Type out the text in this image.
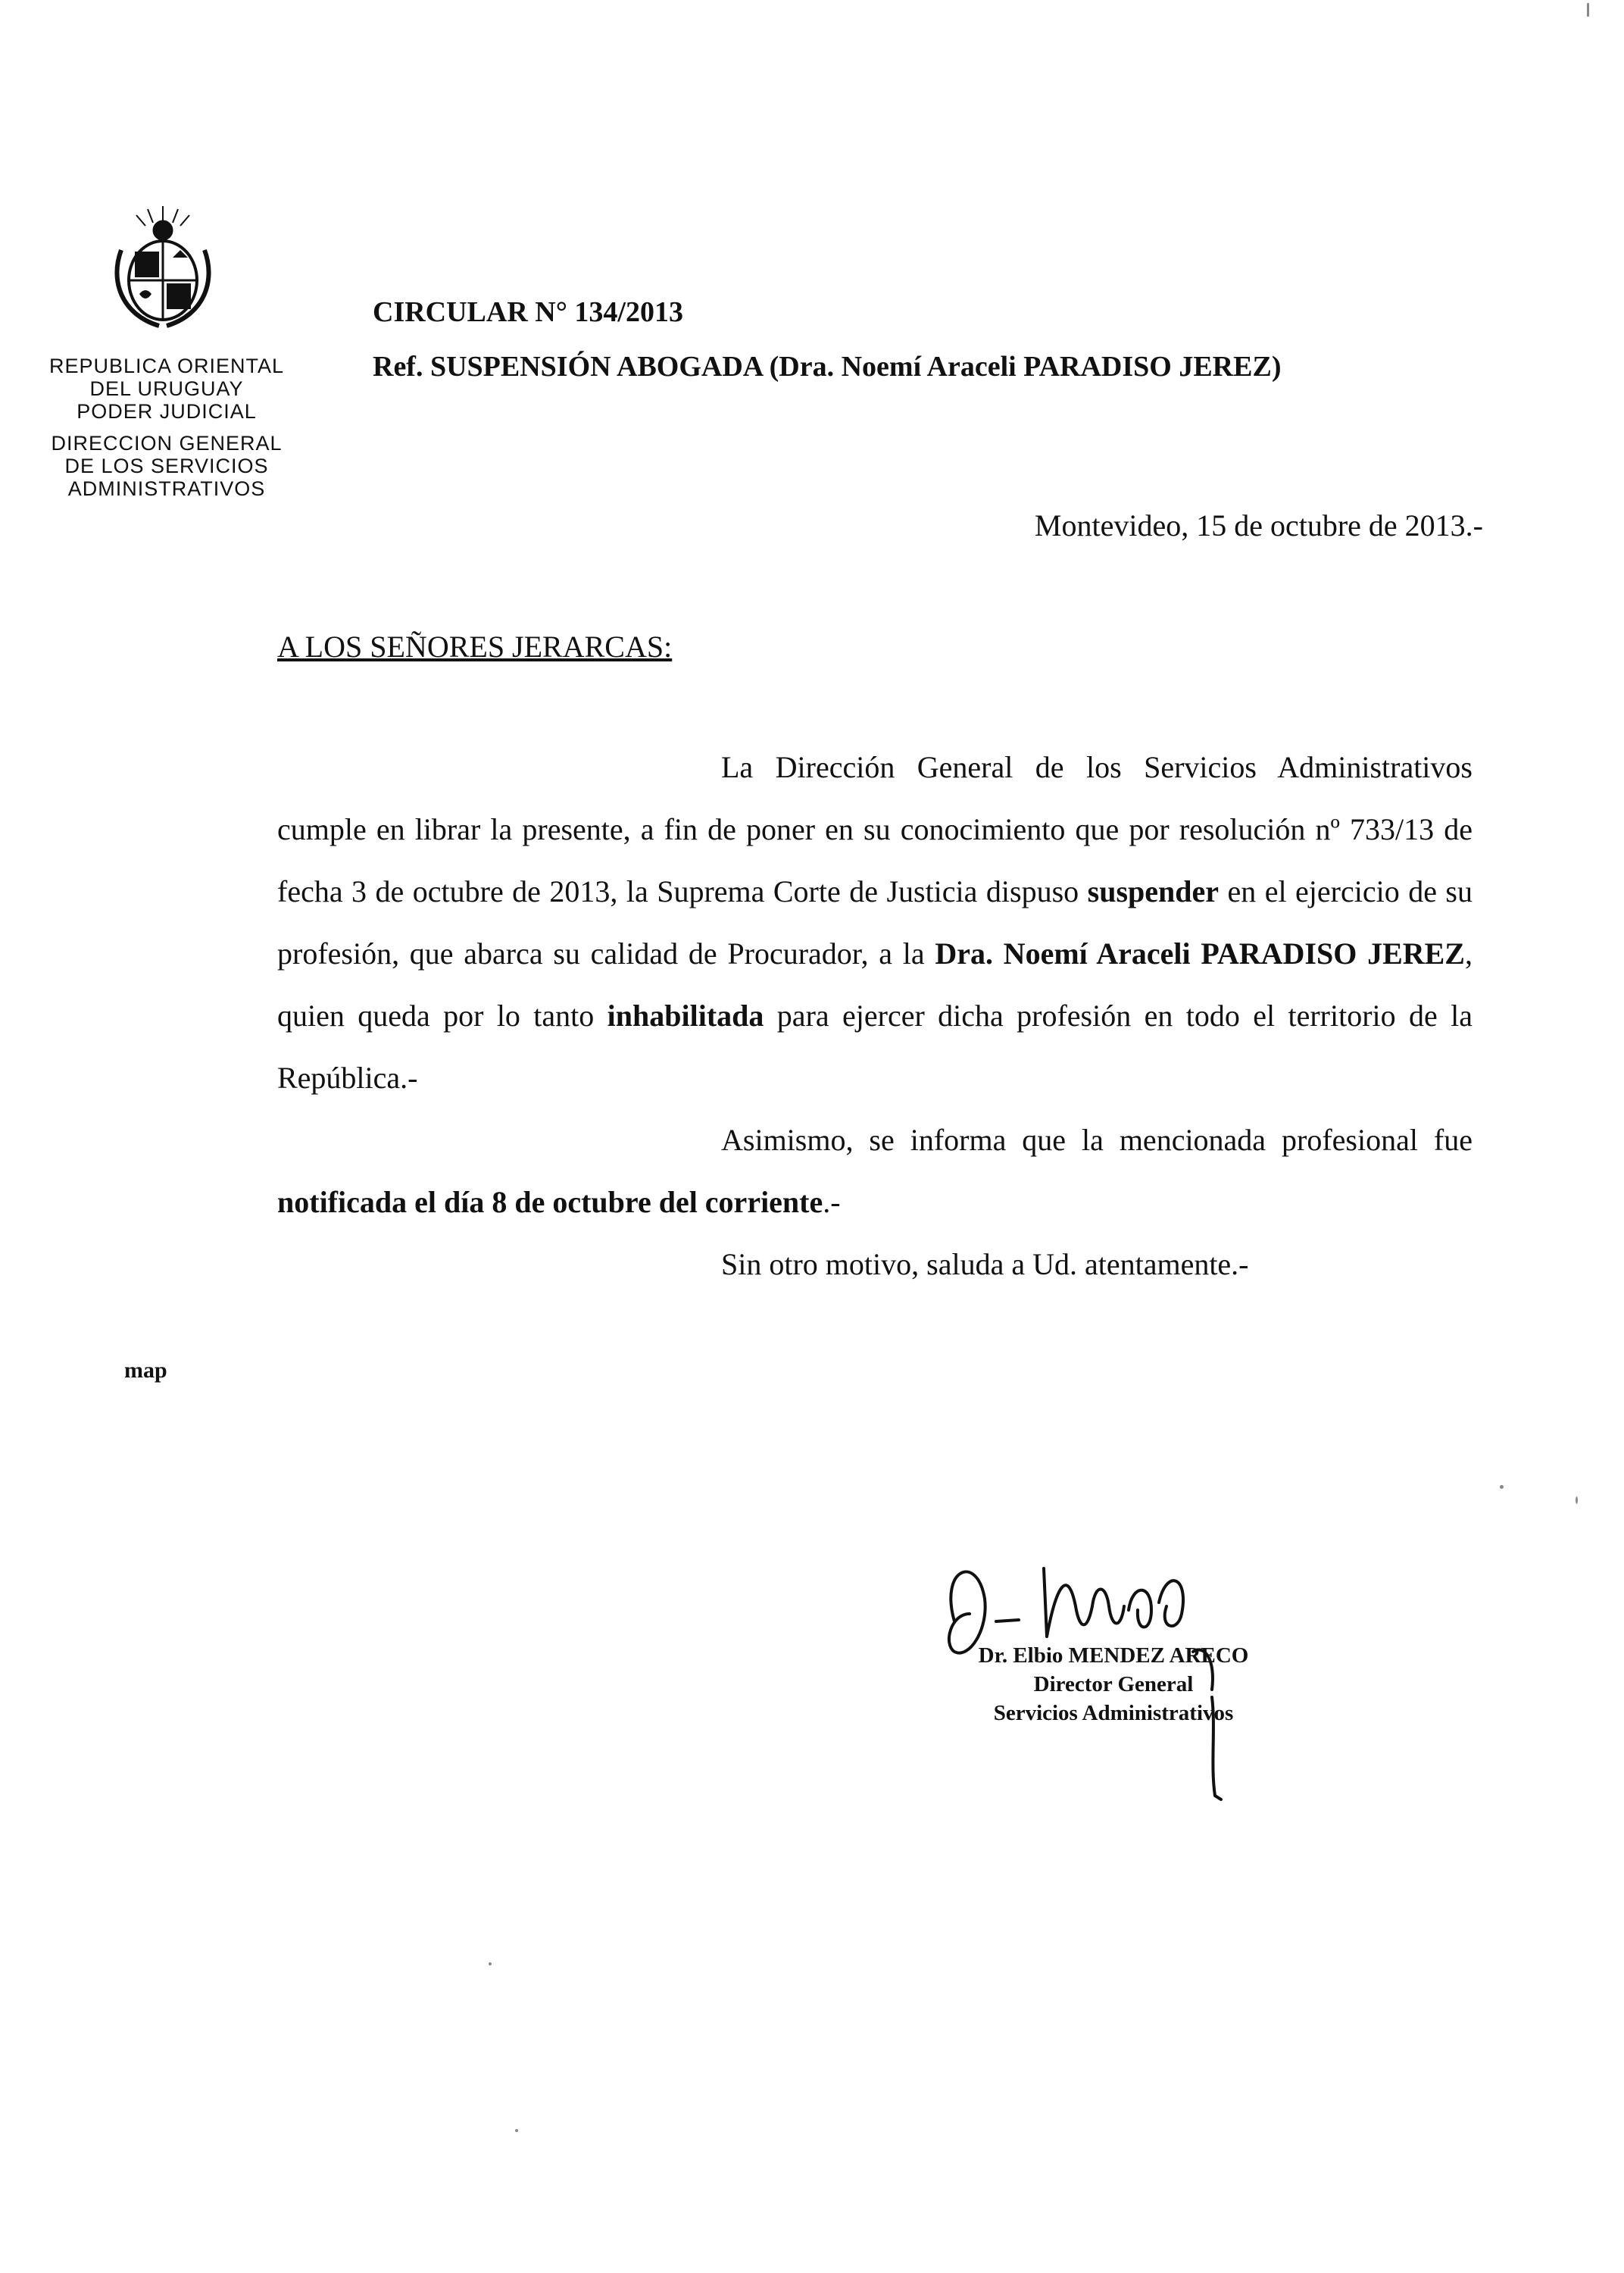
REPUBLICA ORIENTAL
DEL URUGUAY
PODER JUDICIAL
DIRECCION GENERAL
DE LOS SERVICIOS
ADMINISTRATIVOS
CIRCULAR N° 134/2013
Ref. SUSPENSIÓN ABOGADA (Dra. Noemí Araceli PARADISO JEREZ)
Montevideo, 15 de octubre de 2013.-
A LOS SEÑORES JERARCAS:

La Dirección General de los Servicios Administrativos cumple en librar la presente, a fin de poner en su conocimiento que por resolución nº 733/13 de fecha 3 de octubre de 2013, la Suprema Corte de Justicia dispuso suspender en el ejercicio de su profesión, que abarca su calidad de Procurador, a la Dra. Noemí Araceli PARADISO JEREZ, quien queda por lo tanto inhabilitada para ejercer dicha profesión en todo el territorio de la República.-

Asimismo, se informa que la mencionada profesional fue notificada el día 8 de octubre del corriente.-

Sin otro motivo, saluda a Ud. atentamente.-
map
Dr. Elbio MENDEZ ARECO
Director General
Servicios Administrativos
